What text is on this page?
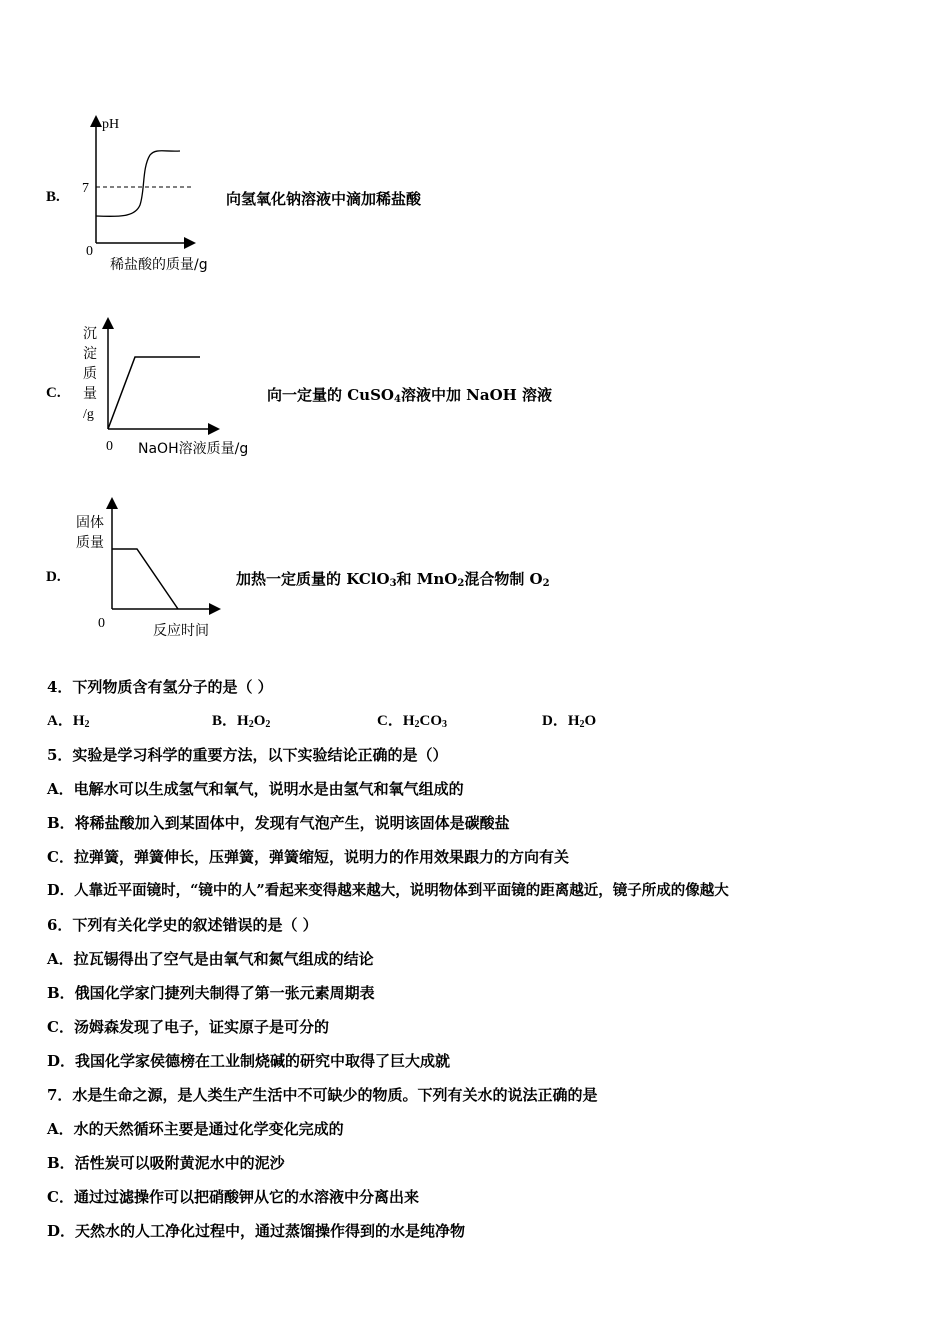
B.
pH
7
0
稀盐酸的质量/g
向氢氧化钠溶液中滴加稀盐酸
C.
沉
淀
质
量
/g
0 NaOH溶液质量/g
向一定量的 CuSO$_4$溶液中加 NaOH 溶液
D.
固体
质量
0	反应时间
加热一定质量的 KClO$_3$和 MnO$_2$混合物制 $O_2$
4．下列物质含有氢分子的是（ ）
A．$H_2$	B．$H_2O_2$	C．$H_2CO_3$	D．$H_2O$
5．实验是学习科学的重要方法，以下实验结论正确的是（）
A．电解水可以生成氢气和氧气，说明水是由氢气和氧气组成的
B．将稀盐酸加入到某固体中，发现有气泡产生，说明该固体是碳酸盐
C．拉弹簧，弹簧伸长，压弹簧，弹簧缩短，说明力的作用效果跟力的方向有关
D．人靠近平面镜时，“镜中的人”看起来变得越来越大，说明物体到平面镜的距离越近，镜子所成的像越大
6．下列有关化学史的叙述错误的是（ ）
A．拉瓦锡得出了空气是由氧气和氮气组成的结论
B．俄国化学家门捷列夫制得了第一张元素周期表
C．汤姆森发现了电子，证实原子是可分的
D．我国化学家侯德榜在工业制烧碱的研究中取得了巨大成就
7．水是生命之源，是人类生产生活中不可缺少的物质。下列有关水的说法正确的是
A．水的天然循环主要是通过化学变化完成的
B．活性炭可以吸附黄泥水中的泥沙
C．通过过滤操作可以把硝酸钾从它的水溶液中分离出来
D．天然水的人工净化过程中，通过蒸馏操作得到的水是纯净物
